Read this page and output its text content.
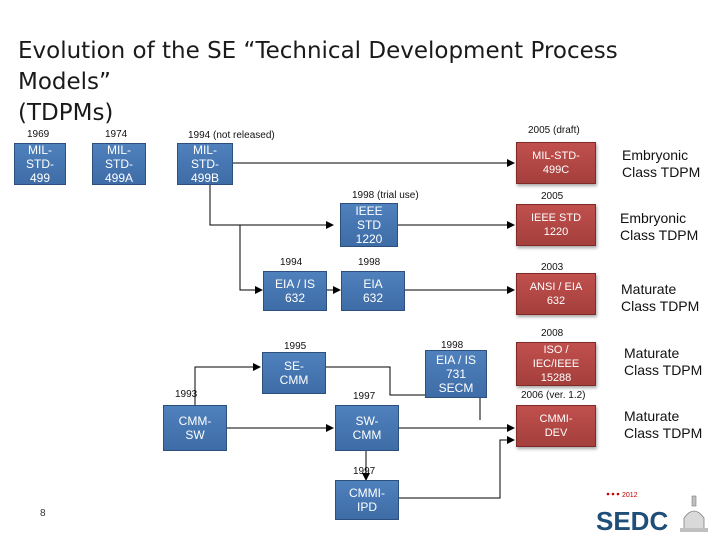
Evolution of the SE “Technical Development Process Models”
(TDPMs)
MIL-
STD-
499
MIL-
STD-
499A
MIL-
STD-
499B
IEEE
STD
1220
EIA / IS
632
EIA
632
SE-
CMM
EIA / IS
731
SECM
CMM-
SW
SW-
CMM
CMMI-
IPD
MIL-STD-
499C
IEEE STD
1220
ANSI / EIA
632
ISO /
IEC/IEEE
15288
CMMI-
DEV
1969	1974	1994 (not released)	2005 (draft)
1998 (trial use)	2005
1994	1998	2003
1995	1998
2008
1993	1997	2006 (ver. 1.2)
1997
Embryonic
Class TDPM
Embryonic
Class TDPM
Maturate
Class TDPM
Maturate
Class TDPM
Maturate
Class TDPM
8
2012
SEDC
